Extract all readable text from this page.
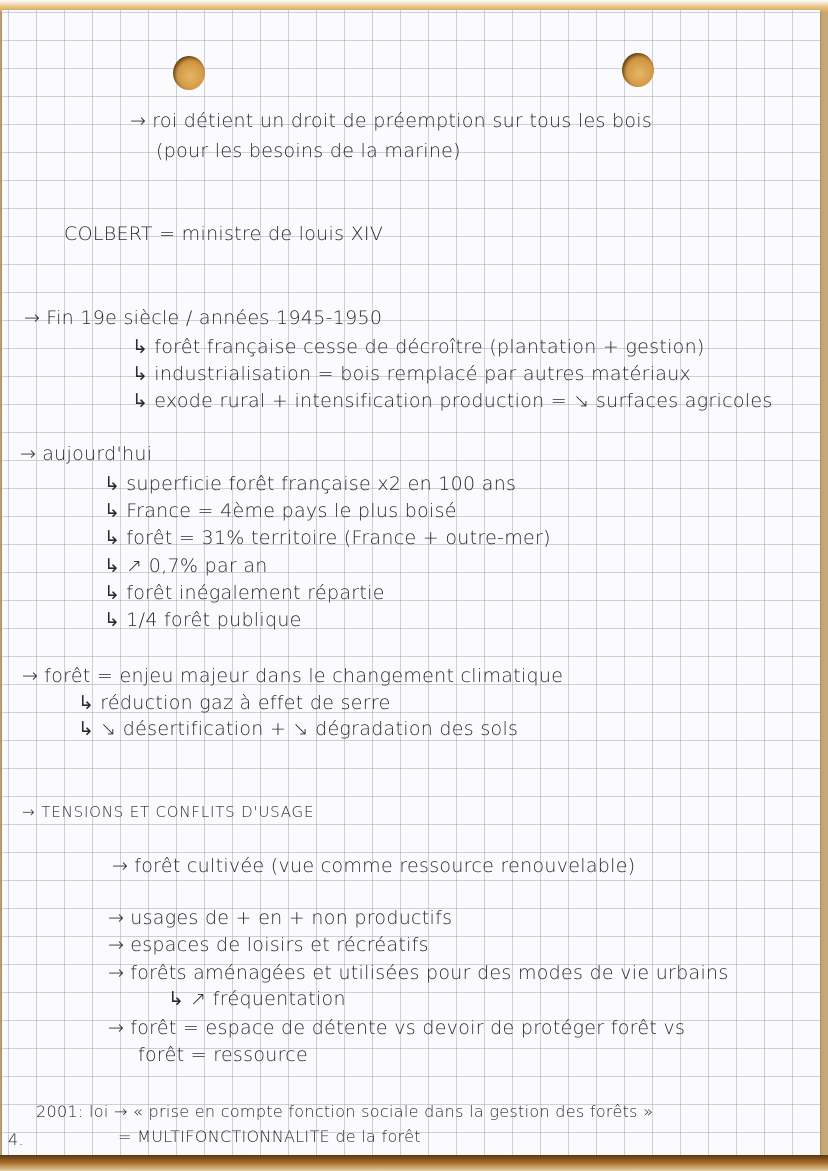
→ roi détient un droit de préemption sur tous les bois
(pour les besoins de la marine)
COLBERT = ministre de louis XIV
→ Fin 19e siècle / années 1945-1950
↳ forêt française cesse de décroître (plantation + gestion)
↳ industrialisation = bois remplacé par autres matériaux
↳ exode rural + intensification production = ↘ surfaces agricoles
→ aujourd'hui
↳ superficie forêt française x2 en 100 ans
↳ France = 4ème pays le plus boisé
↳ forêt = 31% territoire (France + outre-mer)
↳ ↗ 0,7% par an
↳ forêt inégalement répartie
↳ 1/4 forêt publique
→ forêt = enjeu majeur dans le changement climatique
↳ réduction gaz à effet de serre
↳ ↘ désertification + ↘ dégradation des sols
→ TENSIONS ET CONFLITS D'USAGE
→ forêt cultivée (vue comme ressource renouvelable)
→ usages de + en + non productifs
→ espaces de loisirs et récréatifs
→ forêts aménagées et utilisées pour des modes de vie urbains
↳ ↗ fréquentation
→ forêt = espace de détente vs devoir de protéger forêt vs
forêt = ressource
2001: loi → « prise en compte fonction sociale dans la gestion des forêts »
= MULTIFONCTIONNALITE de la forêt
4.
